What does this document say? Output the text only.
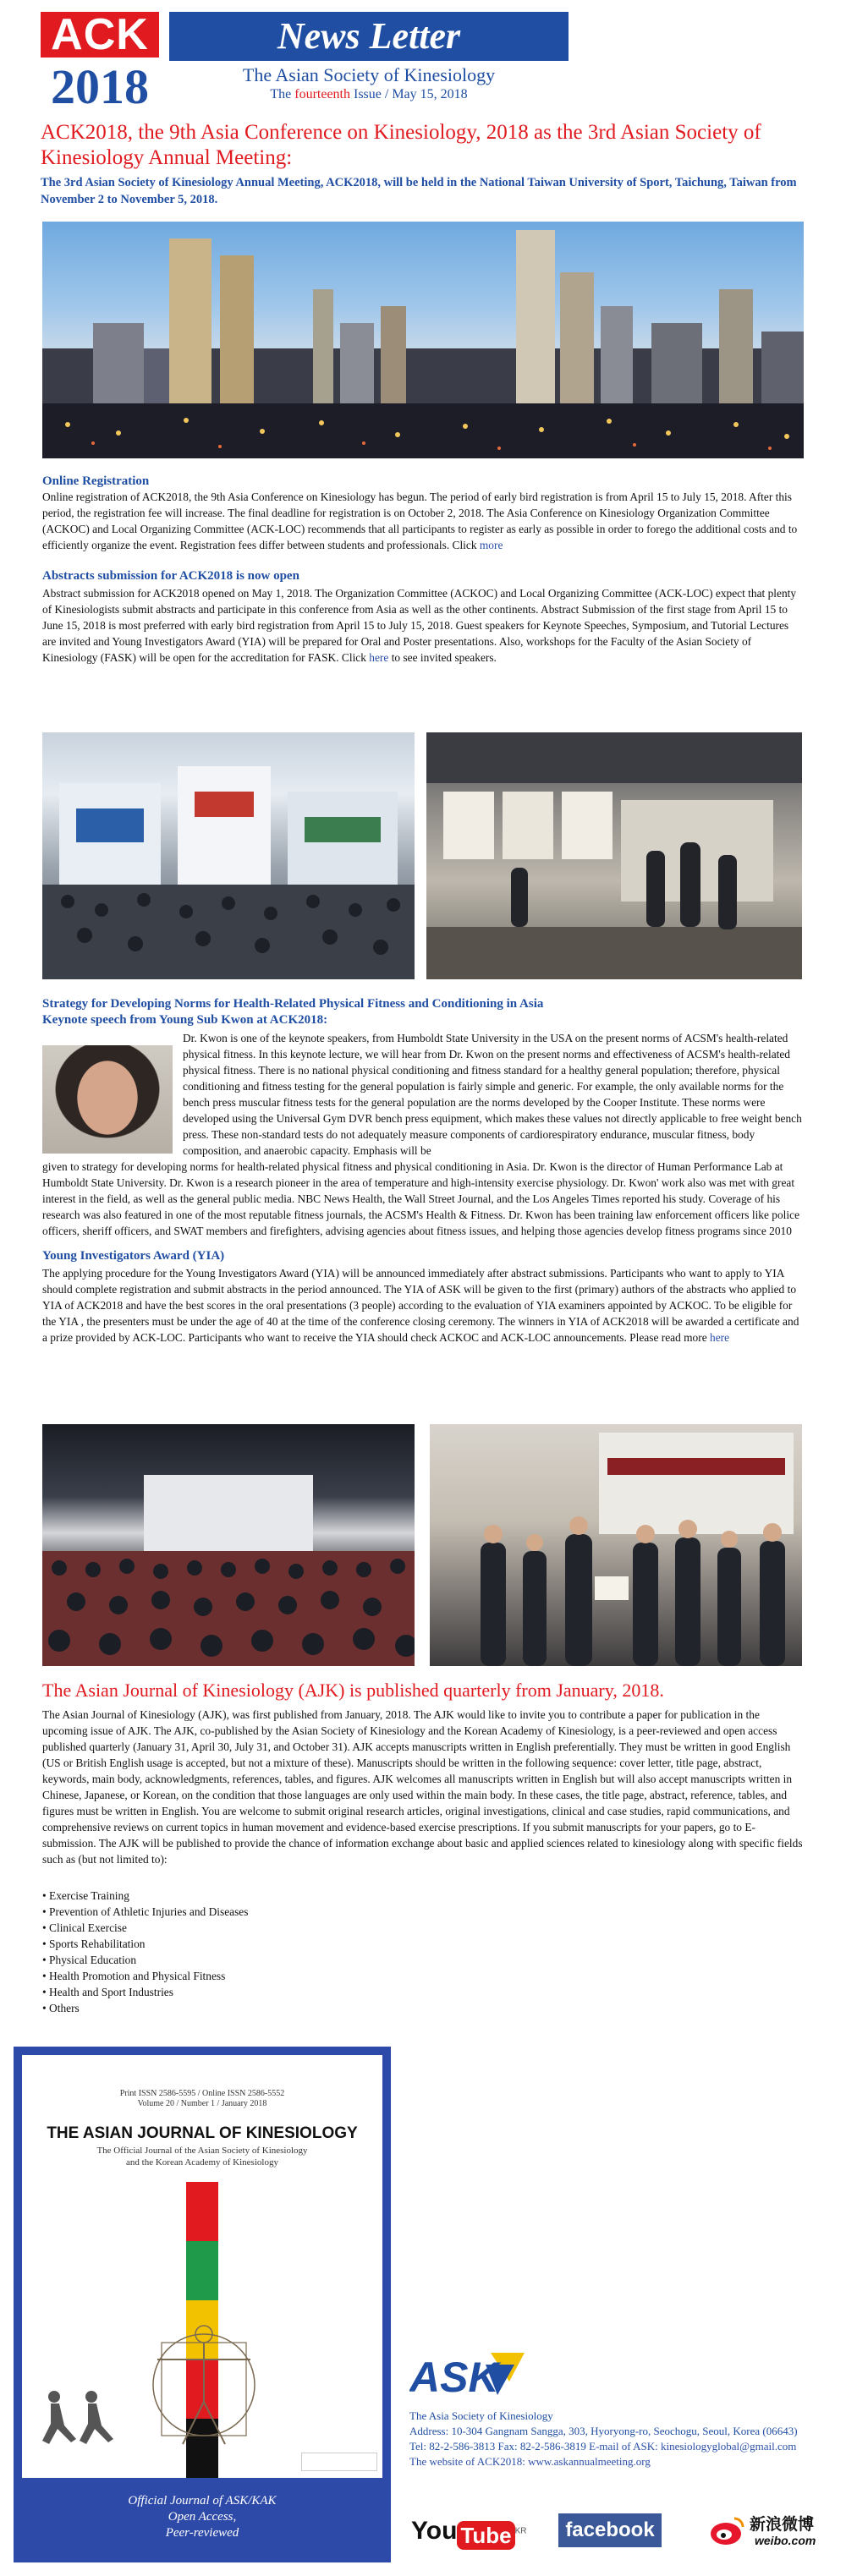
ACK
2018
News Letter
The Asian Society of Kinesiology
The fourteenth Issue / May 15, 2018
ACK2018, the 9th Asia Conference on Kinesiology, 2018 as the 3rd Asian Society of Kinesiology Annual Meeting:
The 3rd Asian Society of Kinesiology Annual Meeting, ACK2018, will be held in the National Taiwan University of Sport, Taichung, Taiwan from November 2 to November 5, 2018.
Online Registration
Online registration of ACK2018, the 9th Asia Conference on Kinesiology has begun. The period of early bird registration is from April 15 to July 15, 2018. After this period, the registration fee will increase. The final deadline for registration is on October 2, 2018. The Asia Conference on Kinesiology Organization Committee (ACKOC) and Local Organizing Committee (ACK-LOC) recommends that all participants to register as early as possible in order to forego the additional costs and to efficiently organize the event. Registration fees differ between students and professionals. Click more
Abstracts submission for ACK2018 is now open
Abstract submission for ACK2018 opened on May 1, 2018. The Organization Committee (ACKOC) and Local Organizing Committee (ACK-LOC) expect that plenty of Kinesiologists submit abstracts and participate in this conference from Asia as well as the other continents. Abstract Submission of the first stage from April 15 to June 15, 2018 is most preferred with early bird registration from April 15 to July 15, 2018. Guest speakers for Keynote Speeches, Symposium, and Tutorial Lectures are invited and Young Investigators Award (YIA) will be prepared for Oral and Poster presentations. Also, workshops for the Faculty of the Asian Society of Kinesiology (FASK) will be open for the accreditation for FASK. Click here to see invited speakers.
Strategy for Developing Norms for Health-Related Physical Fitness and Conditioning in Asia
Keynote speech from Young Sub Kwon at ACK2018:
Dr. Kwon is one of the keynote speakers, from Humboldt State University in the USA on the present norms of ACSM's health-related physical fitness. In this keynote lecture, we will hear from Dr. Kwon on the present norms and effectiveness of ACSM's health-related physical fitness. There is no national physical conditioning and fitness standard for a healthy general population; therefore, physical conditioning and fitness testing for the general population is fairly simple and generic. For example, the only available norms for the bench press muscular fitness tests for the general population are the norms developed by the Cooper Institute. These norms were developed using the Universal Gym DVR bench press equipment, which makes these values not directly applicable to free weight bench press. These non-standard tests do not adequately measure components of cardiorespiratory endurance, muscular fitness, body composition, and anaerobic capacity. Emphasis will be
given to strategy for developing norms for health-related physical fitness and physical conditioning in Asia. Dr. Kwon is the director of Human Performance Lab at Humboldt State University. Dr. Kwon is a research pioneer in the area of temperature and high-intensity exercise physiology. Dr. Kwon' work also was met with great interest in the field, as well as the general public media. NBC News Health, the Wall Street Journal, and the Los Angeles Times reported his study. Coverage of his research was also featured in one of the most reputable fitness journals, the ACSM's Health & Fitness. Dr. Kwon has been training law enforcement officers like police officers, sheriff officers, and SWAT members and firefighters, advising agencies about fitness issues, and helping those agencies develop fitness programs since 2010
Young Investigators Award (YIA)
The applying procedure for the Young Investigators Award (YIA) will be announced immediately after abstract submissions. Participants who want to apply to YIA should complete registration and submit abstracts in the period announced. The YIA of ASK will be given to the first (primary) authors of the abstracts who applied to YIA of ACK2018 and have the best scores in the oral presentations (3 people) according to the evaluation of YIA examiners appointed by ACKOC. To be eligible for the YIA , the presenters must be under the age of 40 at the time of the conference closing ceremony. The winners in YIA of ACK2018 will be awarded a certificate and a prize provided by ACK-LOC. Participants who want to receive the YIA should check ACKOC and ACK-LOC announcements. Please read more here
The Asian Journal of Kinesiology (AJK) is published quarterly from January, 2018.
The Asian Journal of Kinesiology (AJK), was first published from January, 2018. The AJK would like to invite you to contribute a paper for publication in the upcoming issue of AJK. The AJK, co-published by the Asian Society of Kinesiology and the Korean Academy of Kinesiology, is a peer-reviewed and open access published quarterly (January 31, April 30, July 31, and October 31). AJK accepts manuscripts written in English preferentially. They must be written in good English (US or British English usage is accepted, but not a mixture of these). Manuscripts should be written in the following sequence: cover letter, title page, abstract, keywords, main body, acknowledgments, references, tables, and figures. AJK welcomes all manuscripts written in English but will also accept manuscripts written in Chinese, Japanese, or Korean, on the condition that those languages are only used within the main body. In these cases, the title page, abstract, reference, tables, and figures must be written in English. You are welcome to submit original research articles, original investigations, clinical and case studies, rapid communications, and comprehensive reviews on current topics in human movement and evidence-based exercise prescriptions. If you submit manuscripts for your papers, go to E-submission. The AJK will be published to provide the chance of information exchange about basic and applied sciences related to kinesiology along with specific fields such as (but not limited to):
• Exercise Training
• Prevention of Athletic Injuries and Diseases
• Clinical Exercise
• Sports Rehabilitation
• Physical Education
• Health Promotion and Physical Fitness
• Health and Sport Industries
• Others
Print ISSN 2586-5595 / Online ISSN 2586-5552
Volume 20 / Number 1 / January 2018
THE ASIAN JOURNAL OF KINESIOLOGY
The Official Journal of the Asian Society of Kinesiology
and the Korean Academy of Kinesiology
Official Journal of ASK/KAK
Open Access,
Peer-reviewed
ASK
The Asia Society of Kinesiology
Address: 10-304 Gangnam Sangga, 303, Hyoryong-ro, Seochogu, Seoul, Korea (06643)
Tel: 82-2-586-3813 Fax: 82-2-586-3819 E-mail of ASK: kinesiologyglobal@gmail.com
The website of ACK2018: www.askannualmeeting.org
You Tube $^{KR}$	facebook	新浪微博
weibo.com
